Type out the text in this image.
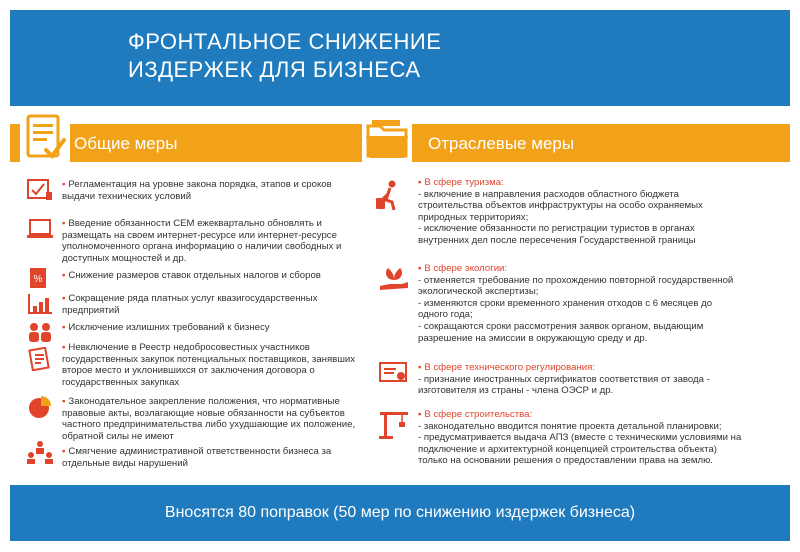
ФРОНТАЛЬНОЕ СНИЖЕНИЕ
ИЗДЕРЖЕК ДЛЯ БИЗНЕСА
Общие меры	Отраслевые меры
▪ Регламентация на уровне закона порядка, этапов и сроков выдачи технических условий
▪ Введение обязанности СЕМ ежеквартально обновлять и размещать на своем интернет-ресурсе или интернет-ресурсе уполномоченного органа информацию о наличии свободных и доступных мощностей и др.
% ▪ Снижение размеров ставок отдельных налогов и сборов
▪ Сокращение ряда платных услуг квазигосударственных предприятий
▪ Исключение излишних требований к бизнесу
▪ Невключение в Реестр недобросовестных участников государственных закупок потенциальных поставщиков, занявших второе место и уклонившихся от заключения договора о государственных закупках
▪ Законодательное закрепление положения, что нормативные правовые акты, возлагающие новые обязанности на субъектов частного предпринимательства либо ухудшающие их положение, обратной силы не имеют
▪ Смягчение административной ответственности бизнеса за отдельные виды нарушений
▪ В сфере туризма:
- включение в направления расходов областного бюджета строительства объектов инфраструктуры на особо охраняемых природных территориях;
- исключение обязанности по регистрации туристов в органах внутренних дел после пересечения Государственной границы
▪ В сфере экологии:
- отменяется требование по прохождению повторной государственной экологической экспертизы;
- изменяются сроки временного хранения отходов с 6 месяцев до одного года;
- сокращаются сроки рассмотрения заявок органом, выдающим разрешение на эмиссии в окружающую среду и др.
▪ В сфере технического регулирования:
- признание иностранных сертификатов соответствия от завода - изготовителя из страны - члена ОЭСР и др.
▪ В сфере строительства:
- законодательно вводится понятие проекта детальной планировки;
- предусматривается выдача АПЗ (вместе с техническими условиями на подключение и архитектурной концепцией строительства объекта) только на основании решения о предоставлении права на землю.
Вносятся 80 поправок (50 мер по снижению издержек бизнеса)
